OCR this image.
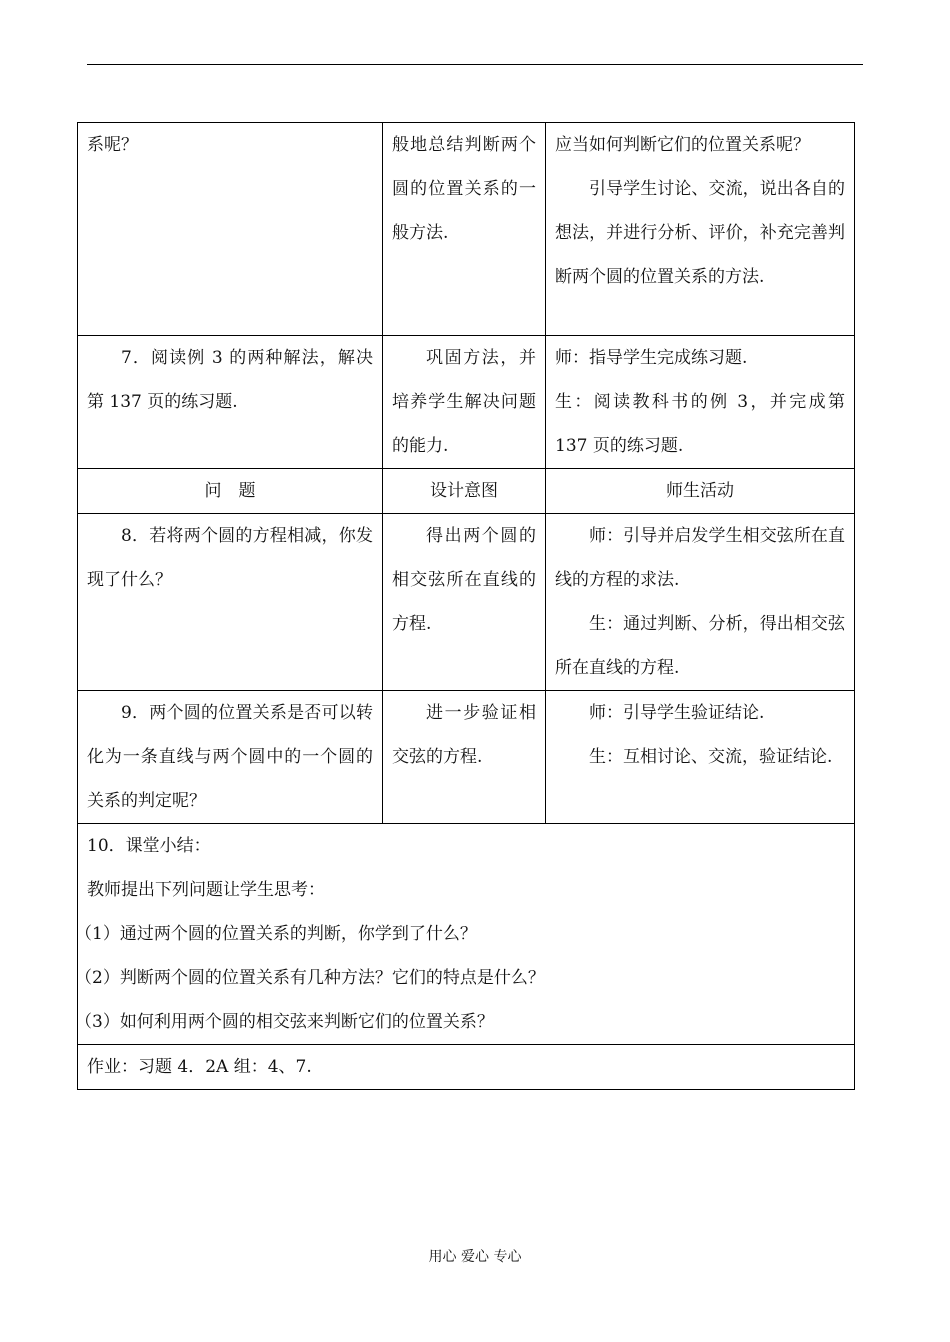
系呢？	般地总结判断两个圆的位置关系的一般方法.	应当如何判断它们的位置关系呢？

引导学生讨论、交流，说出各自的想法，并进行分析、评价，补充完善判断两个圆的位置关系的方法.

7．阅读例 3 的两种解法，解决第 137 页的练习题.	巩固方法，并培养学生解决问题的能力.	师：指导学生完成练习题.

生：阅读教科书的例 3，并完成第 137 页的练习题.

问　题	设计意图	师生活动

8．若将两个圆的方程相减，你发现了什么？	得出两个圆的相交弦所在直线的方程.	师：引导并启发学生相交弦所在直线的方程的求法.

生：通过判断、分析，得出相交弦所在直线的方程.

9．两个圆的位置关系是否可以转化为一条直线与两个圆中的一个圆的关系的判定呢？	进一步验证相交弦的方程.	师：引导学生验证结论.

生：互相讨论、交流，验证结论.

10．课堂小结：

教师提出下列问题让学生思考：

（1）通过两个圆的位置关系的判断，你学到了什么？

（2）判断两个圆的位置关系有几种方法？它们的特点是什么？

（3）如何利用两个圆的相交弦来判断它们的位置关系？		

作业：习题 4．2A 组：4、7.		
用心 爱心 专心
